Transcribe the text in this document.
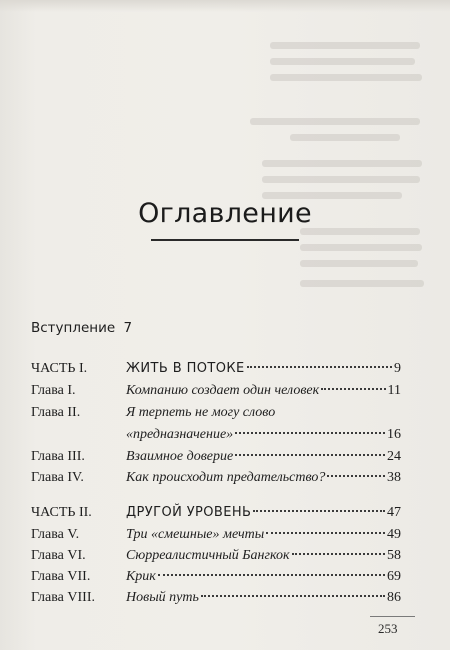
Оглавление
Вступление 7
ЧАСТЬ I.	ЖИТЬ В ПОТОКЕ	9
Глава I.	Компанию создает один человек	11
Глава II.	Я терпеть не могу слово
«предназначение»	16
Глава III.	Взаимное доверие	24
Глава IV.	Как происходит предательство?	38
ЧАСТЬ II.	ДРУГОЙ УРОВЕНЬ	47
Глава V.	Три «смешные» мечты	49
Глава VI.	Сюрреалистичный Бангкок	58
Глава VII.	Крик	69
Глава VIII. Новый путь	86
253
